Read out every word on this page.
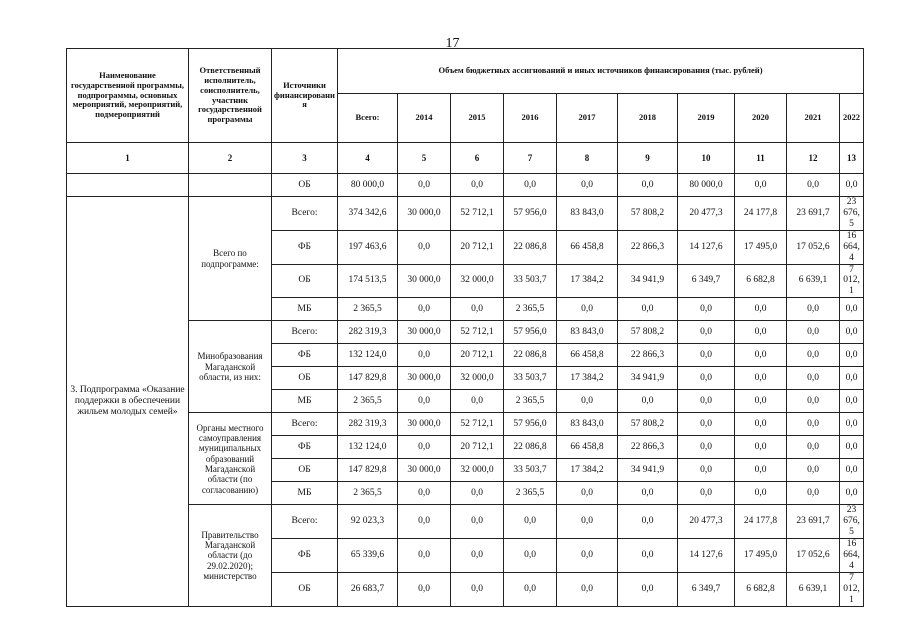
17
Наименование государственной программы, подпрограммы, основных мероприятий, мероприятий, подмероприятий	Ответственный исполнитель, соисполнитель, участник государственной программы	Источники финансирования	Объем бюджетных ассигнований и иных источников финансирования (тыс. рублей)									
			Всего:	2014	2015	2016	2017	2018	2019	2020	2021	2022
1	2	3	4	5	6	7	8	9	10	11	12	13
		ОБ	80 000,0	0,0	0,0	0,0	0,0	0,0	80 000,0	0,0	0,0	0,0
3. Подпрограмма «Оказание поддержки в обеспечении жильем молодых семей»	Всего по подпрограмме:	Всего:	374 342,6	30 000,0	52 712,1	57 956,0	83 843,0	57 808,2	20 477,3	24 177,8	23 691,7	23 676,5
		ФБ	197 463,6	0,0	20 712,1	22 086,8	66 458,8	22 866,3	14 127,6	17 495,0	17 052,6	16 664,4
		ОБ	174 513,5	30 000,0	32 000,0	33 503,7	17 384,2	34 941,9	6 349,7	6 682,8	6 639,1	7 012,1
		МБ	2 365,5	0,0	0,0	2 365,5	0,0	0,0	0,0	0,0	0,0	0,0
	Минобразования Магаданской области, из них:	Всего:	282 319,3	30 000,0	52 712,1	57 956,0	83 843,0	57 808,2	0,0	0,0	0,0	0,0
		ФБ	132 124,0	0,0	20 712,1	22 086,8	66 458,8	22 866,3	0,0	0,0	0,0	0,0
		ОБ	147 829,8	30 000,0	32 000,0	33 503,7	17 384,2	34 941,9	0,0	0,0	0,0	0,0
		МБ	2 365,5	0,0	0,0	2 365,5	0,0	0,0	0,0	0,0	0,0	0,0
	Органы местного самоуправления муниципальных образований Магаданской области (по согласованию)	Всего:	282 319,3	30 000,0	52 712,1	57 956,0	83 843,0	57 808,2	0,0	0,0	0,0	0,0
		ФБ	132 124,0	0,0	20 712,1	22 086,8	66 458,8	22 866,3	0,0	0,0	0,0	0,0
		ОБ	147 829,8	30 000,0	32 000,0	33 503,7	17 384,2	34 941,9	0,0	0,0	0,0	0,0
		МБ	2 365,5	0,0	0,0	2 365,5	0,0	0,0	0,0	0,0	0,0	0,0
	Правительство Магаданской области (до 29.02.2020); министерство	Всего:	92 023,3	0,0	0,0	0,0	0,0	0,0	20 477,3	24 177,8	23 691,7	23 676,5
		ФБ	65 339,6	0,0	0,0	0,0	0,0	0,0	14 127,6	17 495,0	17 052,6	16 664,4
		ОБ	26 683,7	0,0	0,0	0,0	0,0	0,0	6 349,7	6 682,8	6 639,1	7 012,1
